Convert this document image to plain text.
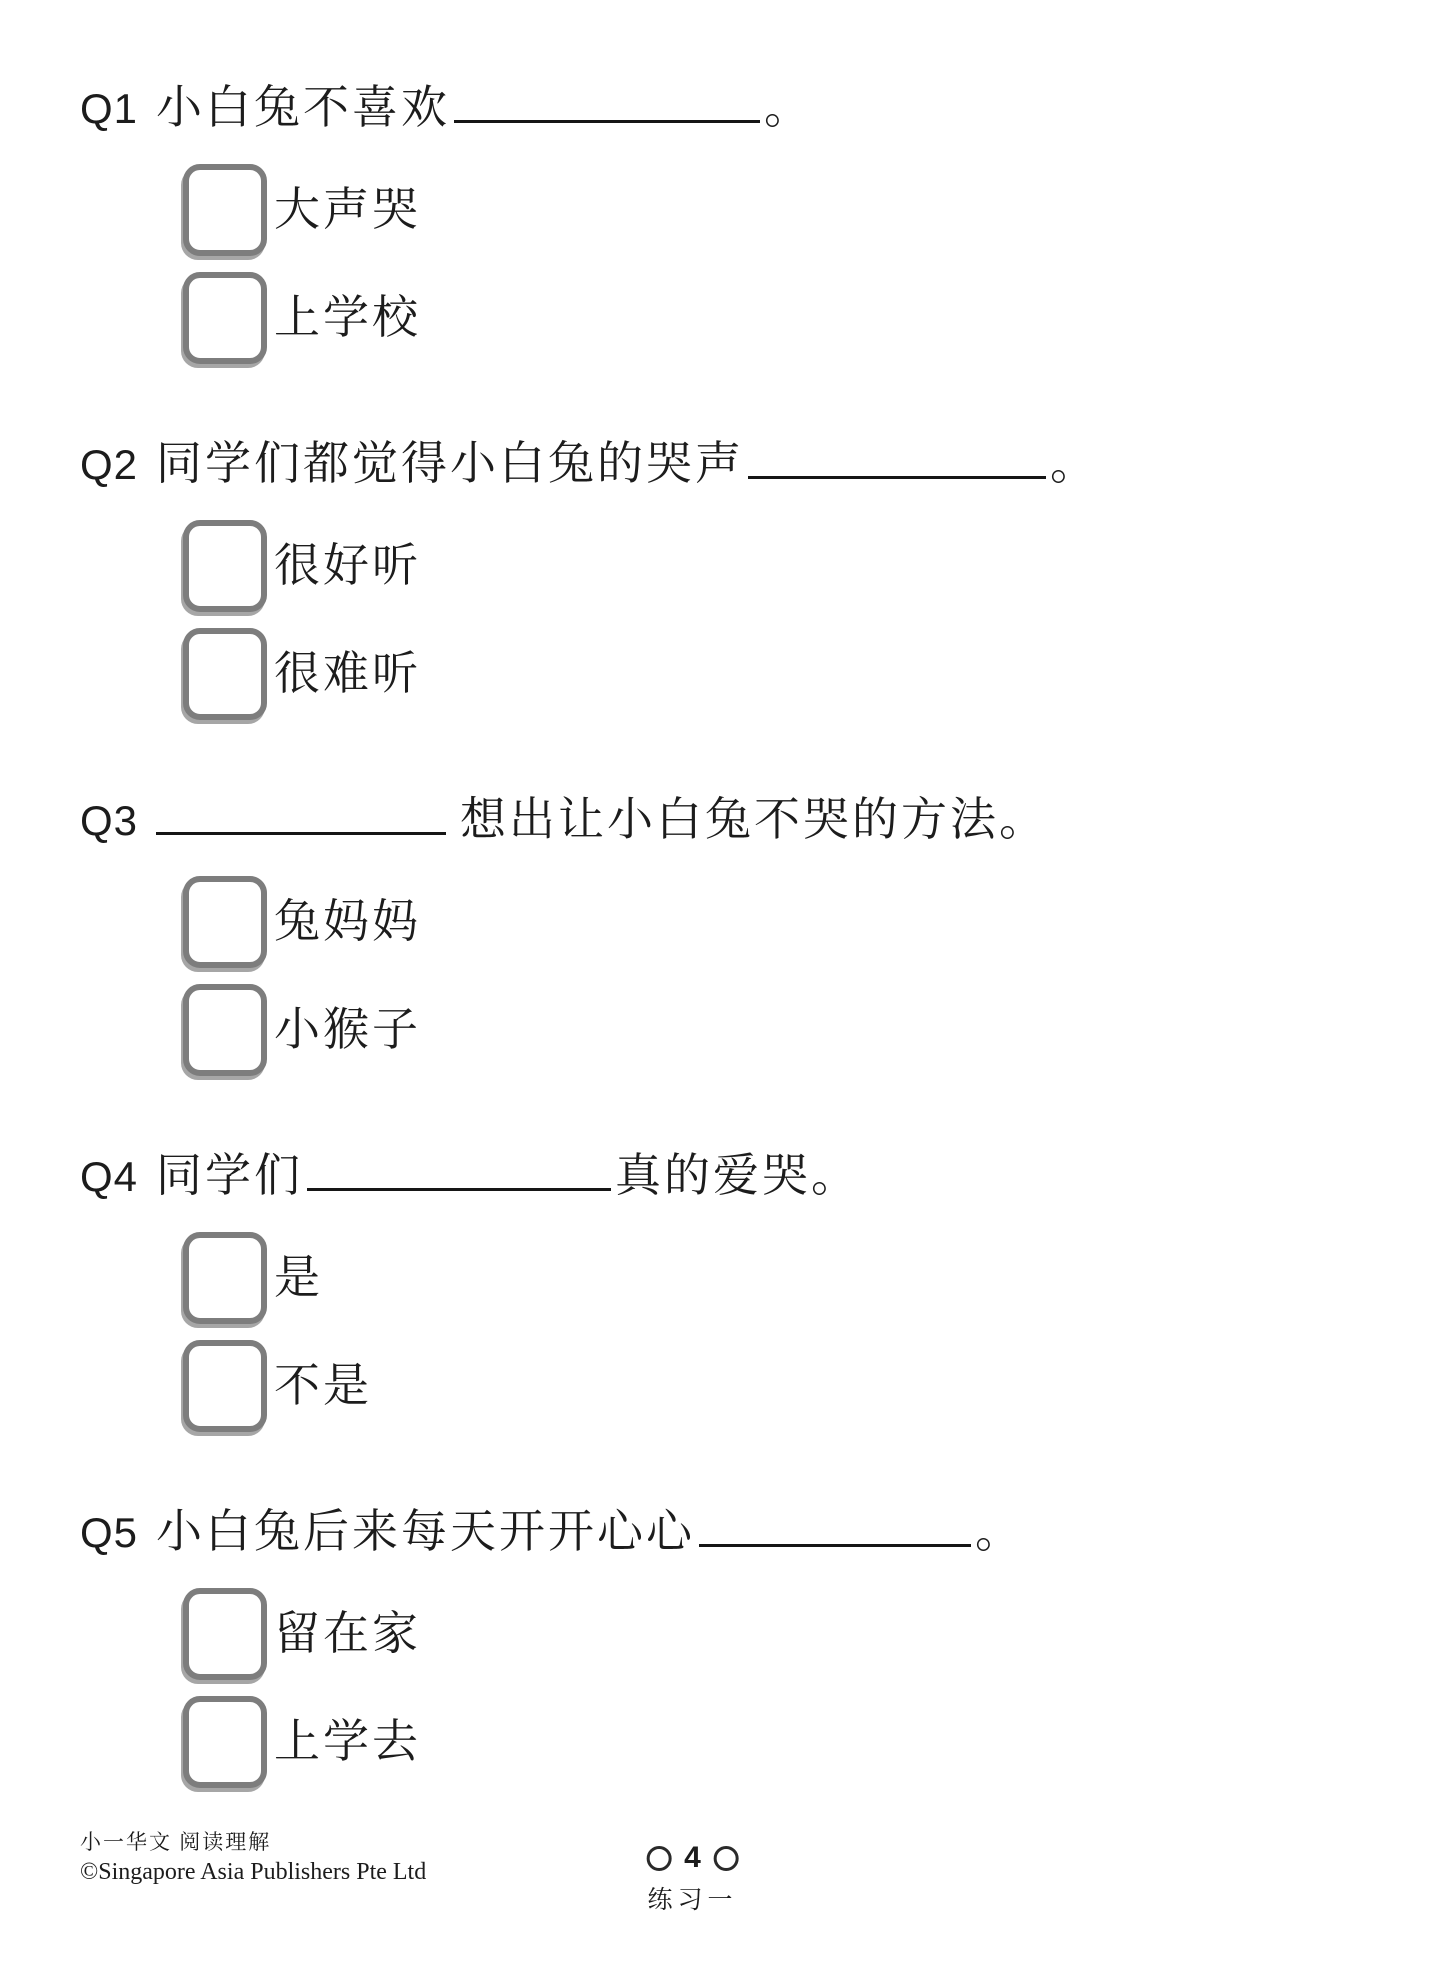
Q1 小白兔不喜欢	。
大声哭
上学校
Q2 同学们都觉得小白兔的哭声	。
很好听
很难听
Q3	想出让小白兔不哭的方法。
兔妈妈
小猴子
Q4 同学们	真的爱哭。
是
不是
Q5 小白兔后来每天开开心心	。
留在家
上学去
小一华文 阅读理解
©Singapore Asia Publishers Pte Ltd	4
练习一
